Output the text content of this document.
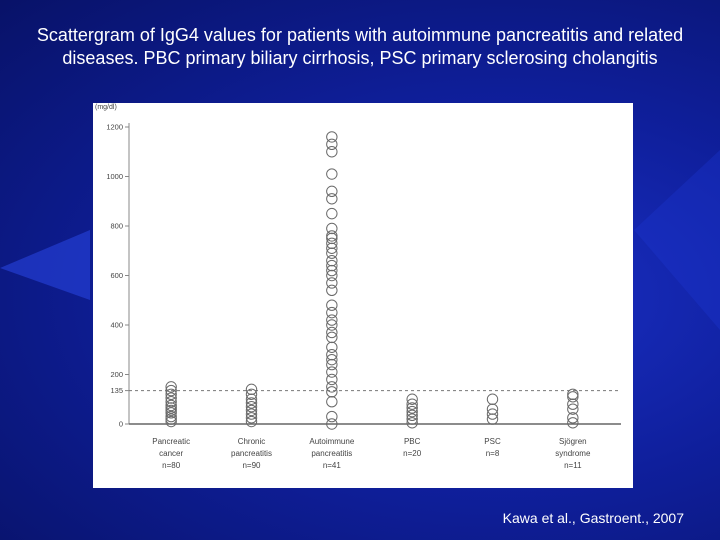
Scattergram of IgG4 values for patients with autoimmune pancreatitis and related diseases. PBC primary biliary cirrhosis, PSC primary sclerosing cholangitis
(mg/dl)
0
135
200
400
600
800
1000
1200
Pancreatic
cancer
n=80
Chronic
pancreatitis
n=90
Autoimmune
pancreatitis
n=41
PBC
n=20
PSC
n=8
Sjögren
syndrome
n=11
Kawa et al., Gastroent., 2007
